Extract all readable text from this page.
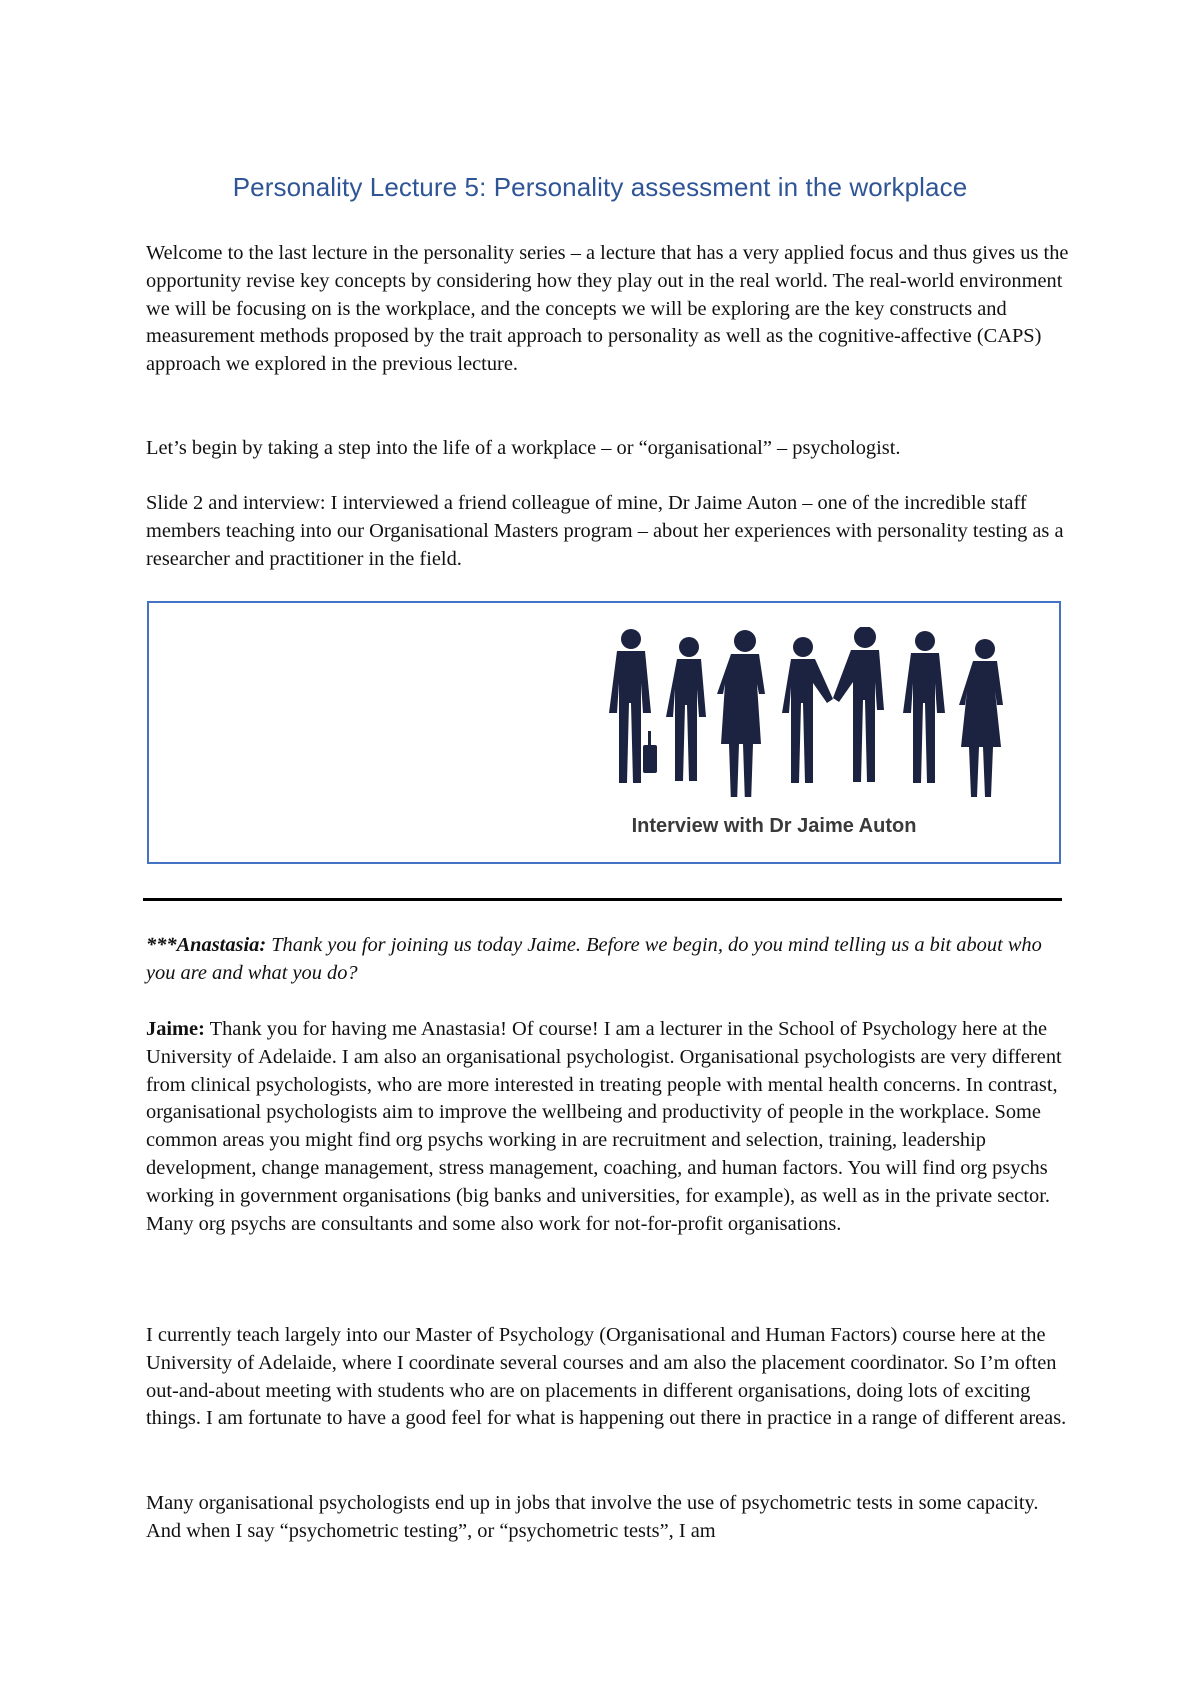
Personality Lecture 5: Personality assessment in the workplace

Welcome to the last lecture in the personality series – a lecture that has a very applied focus and thus gives us the opportunity revise key concepts by considering how they play out in the real world. The real-world environment we will be focusing on is the workplace, and the concepts we will be exploring are the key constructs and measurement methods proposed by the trait approach to personality as well as the cognitive-affective (CAPS) approach we explored in the previous lecture.

Let’s begin by taking a step into the life of a workplace – or “organisational” – psychologist.

Slide 2 and interview: I interviewed a friend colleague of mine, Dr Jaime Auton – one of the incredible staff members teaching into our Organisational Masters program – about her experiences with personality testing as a researcher and practitioner in the field.

Interview with Dr Jaime Auton

***Anastasia: Thank you for joining us today Jaime. Before we begin, do you mind telling us a bit about who you are and what you do?

Jaime: Thank you for having me Anastasia! Of course! I am a lecturer in the School of Psychology here at the University of Adelaide. I am also an organisational psychologist. Organisational psychologists are very different from clinical psychologists, who are more interested in treating people with mental health concerns. In contrast, organisational psychologists aim to improve the wellbeing and productivity of people in the workplace. Some common areas you might find org psychs working in are recruitment and selection, training, leadership development, change management, stress management, coaching, and human factors. You will find org psychs working in government organisations (big banks and universities, for example), as well as in the private sector. Many org psychs are consultants and some also work for not-for-profit organisations.

I currently teach largely into our Master of Psychology (Organisational and Human Factors) course here at the University of Adelaide, where I coordinate several courses and am also the placement coordinator. So I’m often out-and-about meeting with students who are on placements in different organisations, doing lots of exciting things. I am fortunate to have a good feel for what is happening out there in practice in a range of different areas.

Many organisational psychologists end up in jobs that involve the use of psychometric tests in some capacity. And when I say “psychometric testing”, or “psychometric tests”, I am
